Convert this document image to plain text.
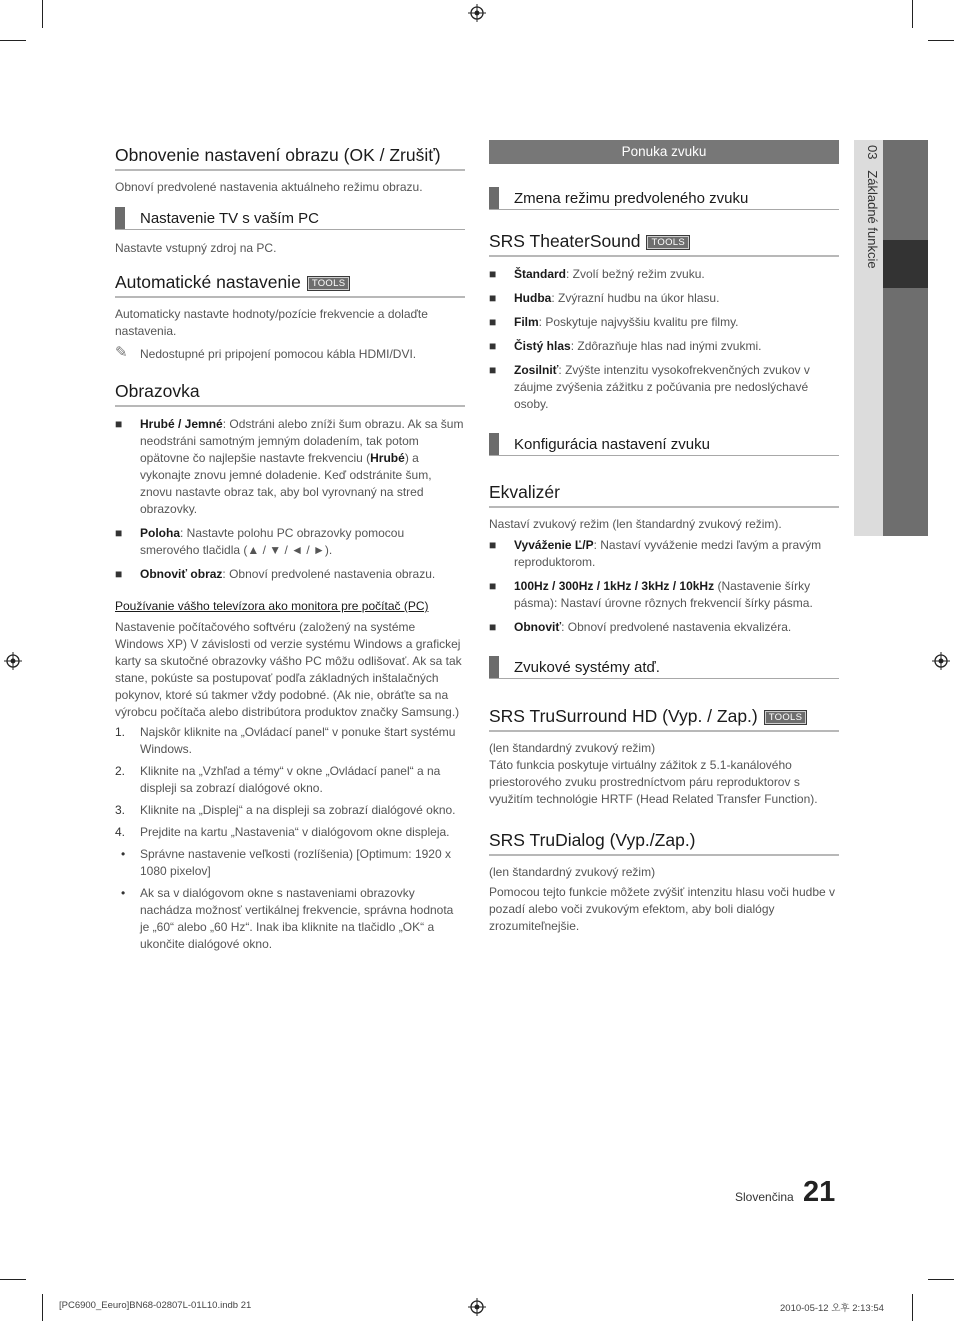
03   Základné funkcie
Obnovenie nastavení obrazu (OK / Zrušiť)

Obnoví predvolené nastavenia aktuálneho režimu obrazu.

Nastavenie TV s vaším PC

Nastavte vstupný zdroj na PC.

Automatické nastavenie TOOLS

Automaticky nastavte hodnoty/pozície frekvencie a dolaďte nastavenia.

✎	Nedostupné pri pripojení pomocou kábla HDMI/DVI.
Obrazovka
■ Hrubé / Jemné: Odstráni alebo zníži šum obrazu. Ak sa šum neodstráni samotným jemným doladením, tak potom opätovne čo najlepšie nastavte frekvenciu (Hrubé) a vykonajte znovu jemné doladenie. Keď odstránite šum, znovu nastavte obraz tak, aby bol vyrovnaný na stred obrazovky.
■ Poloha: Nastavte polohu PC obrazovky pomocou smerového tlačidla (▲ / ▼ / ◄ / ►).
■ Obnoviť obraz: Obnoví predvolené nastavenia obrazu.
Používanie vášho televízora ako monitora pre počítač (PC)

Nastavenie počítačového softvéru (založený na systéme Windows XP) V závislosti od verzie systému Windows a grafickej karty sa skutočné obrazovky vášho PC môžu odlišovať. Ak sa tak stane, pokúste sa postupovať podľa základných inštalačných pokynov, ktoré sú takmer vždy podobné. (Ak nie, obráťte sa na výrobcu počítača alebo distribútora produktov značky Samsung.)

1. Najskôr kliknite na „Ovládací panel“ v ponuke štart systému Windows.
2. Kliknite na „Vzhľad a témy“ v okne „Ovládací panel“ a na displeji sa zobrazí dialógové okno.
3. Kliknite na „Displej“ a na displeji sa zobrazí dialógové okno.
4. Prejdite na kartu „Nastavenia“ v dialógovom okne displeja.
• Správne nastavenie veľkosti (rozlíšenia) [Optimum: 1920 x 1080 pixelov]
• Ak sa v dialógovom okne s nastaveniami obrazovky nachádza možnosť vertikálnej frekvencie, správna hodnota je „60“ alebo „60 Hz“. Inak iba kliknite na tlačidlo „OK“ a ukončite dialógové okno.
Ponuka zvuku
Zmena režimu predvoleného zvuku
SRS TheaterSound TOOLS
■ Štandard: Zvolí bežný režim zvuku.
■ Hudba: Zvýrazní hudbu na úkor hlasu.
■ Film: Poskytuje najvyššiu kvalitu pre filmy.
■ Čistý hlas: Zdôrazňuje hlas nad inými zvukmi.
■ Zosilniť: Zvýšte intenzitu vysokofrekvenčných zvukov v záujme zvýšenia zážitku z počúvania pre nedoslýchavé osoby.
Konfigurácia nastavení zvuku
Ekvalizér

Nastaví zvukový režim (len štandardný zvukový režim).

■ Vyváženie Ľ/P: Nastaví vyváženie medzi ľavým a pravým reproduktorom.
■ 100Hz / 300Hz / 1kHz / 3kHz / 10kHz (Nastavenie šírky pásma): Nastaví úrovne rôznych frekvencií šírky pásma.
■ Obnoviť: Obnoví predvolené nastavenia ekvalizéra.
Zvukové systémy atď.
SRS TruSurround HD (Vyp. / Zap.) TOOLS

(len štandardný zvukový režim)

Táto funkcia poskytuje virtuálny zážitok z 5.1-kanálového priestorového zvuku prostredníctvom páru reproduktorov s využitím technológie HRTF (Head Related Transfer Function).

SRS TruDialog (Vyp./Zap.)

(len štandardný zvukový režim)

Pomocou tejto funkcie môžete zvýšiť intenzitu hlasu voči hudbe v pozadí alebo voči zvukovým efektom, aby boli dialógy zrozumiteľnejšie.

Slovenčina 21
[PC6900_Eeuro]BN68-02807L-01L10.indb 21	2010-05-12 오후 2:13:54
